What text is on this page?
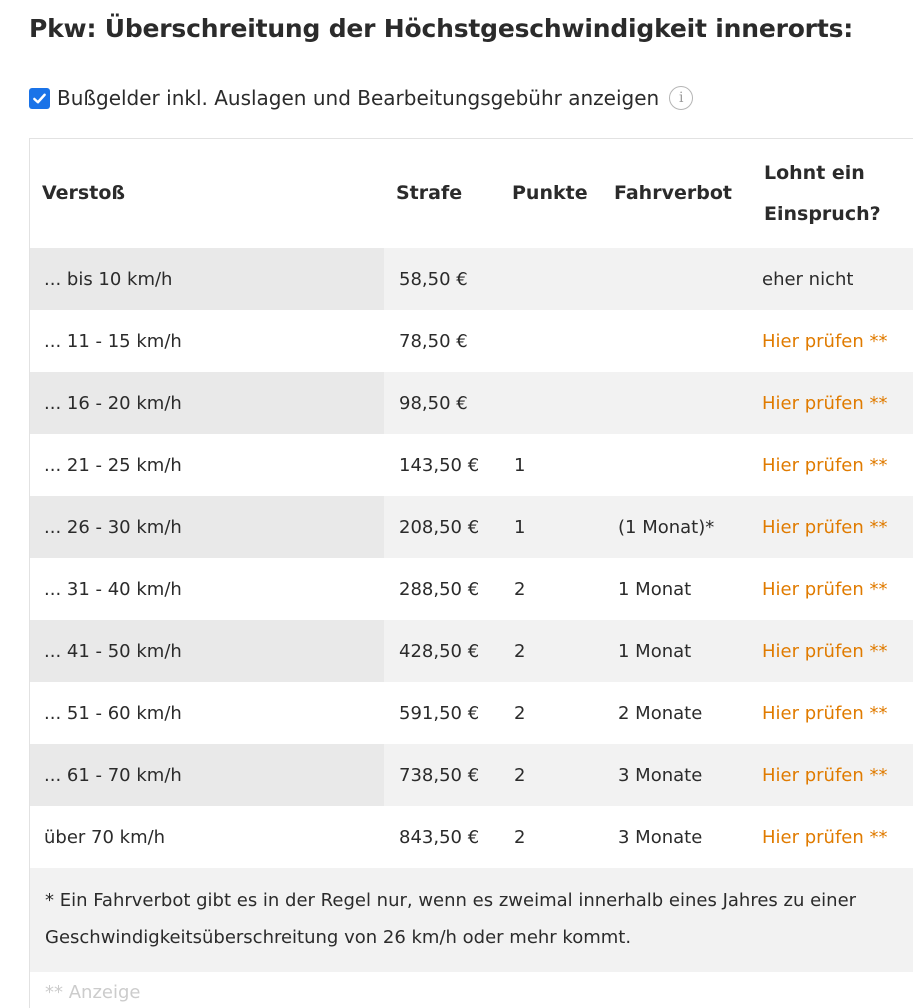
Pkw: Überschreitung der Höchstgeschwindigkeit innerorts:
Bußgelder inkl. Auslagen und Bearbeitungsgebühr anzeigen	i
Verstoß	Strafe	Punkte	Fahrverbot	Lohnt ein
Einspruch?
... bis 10 km/h	58,50 €			eher nicht
... 11 - 15 km/h	78,50 €			Hier prüfen **
... 16 - 20 km/h	98,50 €			Hier prüfen **
... 21 - 25 km/h	143,50 €	1		Hier prüfen **
... 26 - 30 km/h	208,50 €	1	(1 Monat)*	Hier prüfen **
... 31 - 40 km/h	288,50 €	2	1 Monat	Hier prüfen **
... 41 - 50 km/h	428,50 €	2	1 Monat	Hier prüfen **
... 51 - 60 km/h	591,50 €	2	2 Monate	Hier prüfen **
... 61 - 70 km/h	738,50 €	2	3 Monate	Hier prüfen **
über 70 km/h	843,50 €	2	3 Monate	Hier prüfen **
* Ein Fahrverbot gibt es in der Regel nur, wenn es zweimal innerhalb eines Jahres zu einer Geschwindigkeitsüberschreitung von 26 km/h oder mehr kommt.
** Anzeige
